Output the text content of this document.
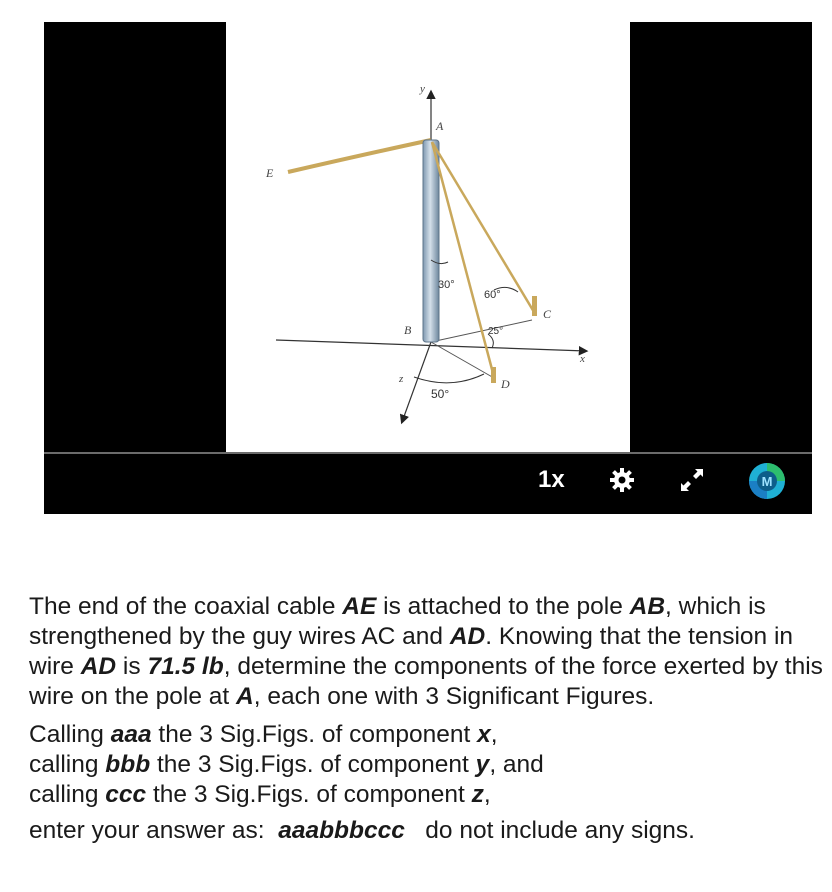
A
B
C
D
E
y
x
z
30°
60°
25°
50°
1x	M

The end of the coaxial cable AE is attached to the pole AB, which is strengthened by the guy wires AC and AD. Knowing that the tension in wire AD is 71.5 lb, determine the components of the force exerted by this wire on the pole at A, each one with 3 Significant Figures.

Calling aaa the 3 Sig.Figs. of component x,

calling bbb the 3 Sig.Figs. of component y, and

calling ccc the 3 Sig.Figs. of component z,

enter your answer as:  aaabbbccc   do not include any signs.
